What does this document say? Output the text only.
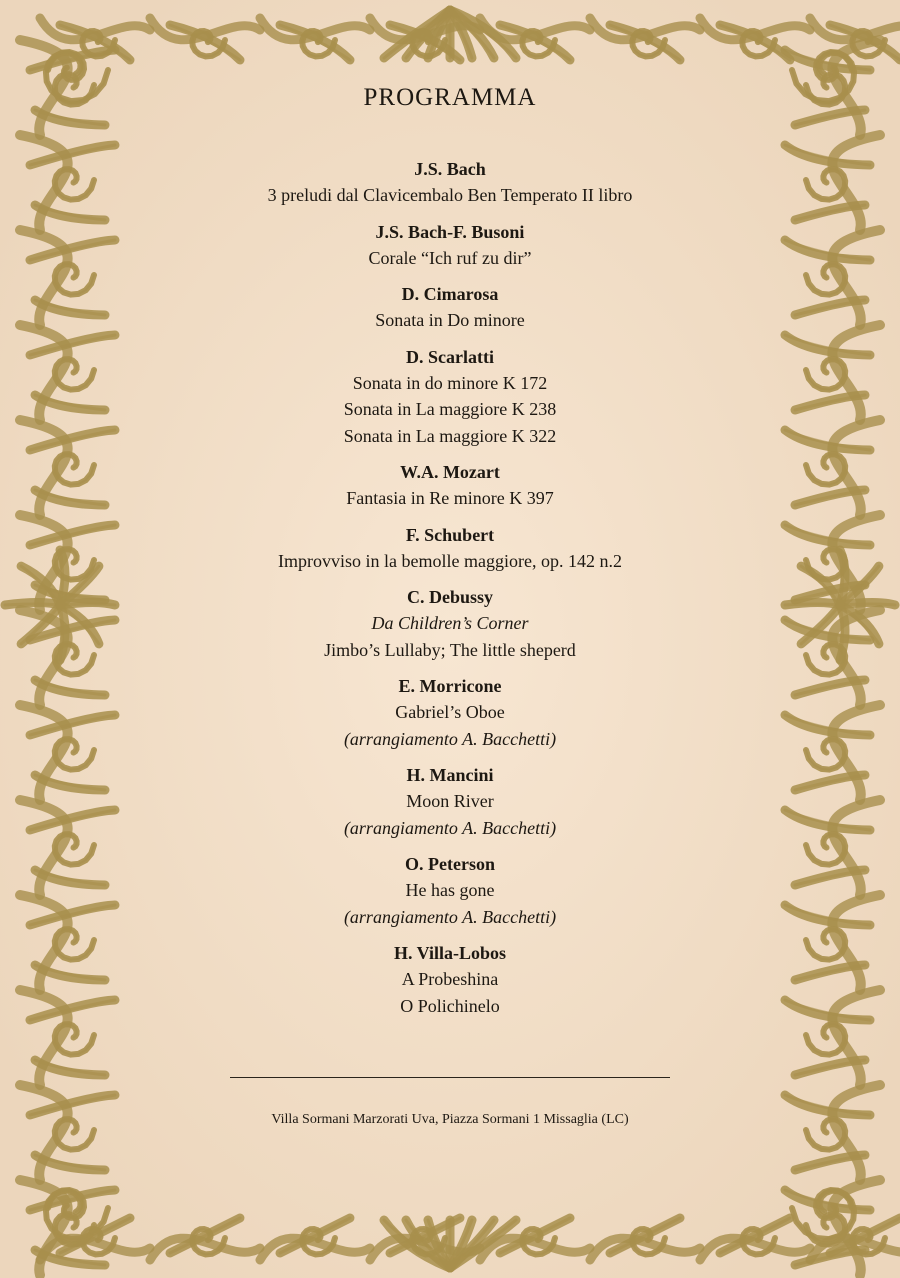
PROGRAMMA
J.S. Bach
3 preludi dal Clavicembalo Ben Temperato II libro
J.S. Bach-F. Busoni
Corale “Ich ruf zu dir”
D. Cimarosa
Sonata in Do minore
D. Scarlatti
Sonata in do minore K 172
Sonata in La maggiore K 238
Sonata in La maggiore K 322
W.A. Mozart
Fantasia in Re minore K 397
F. Schubert
Improvviso in la bemolle maggiore, op. 142 n.2
C. Debussy
Da Children’s Corner
Jimbo’s Lullaby; The little sheperd
E. Morricone
Gabriel’s Oboe
(arrangiamento A. Bacchetti)
H. Mancini
Moon River
(arrangiamento A. Bacchetti)
O. Peterson
He has gone
(arrangiamento A. Bacchetti)
H. Villa-Lobos
A Probeshina
O Polichinelo
Villa Sormani Marzorati Uva, Piazza Sormani 1 Missaglia (LC)
